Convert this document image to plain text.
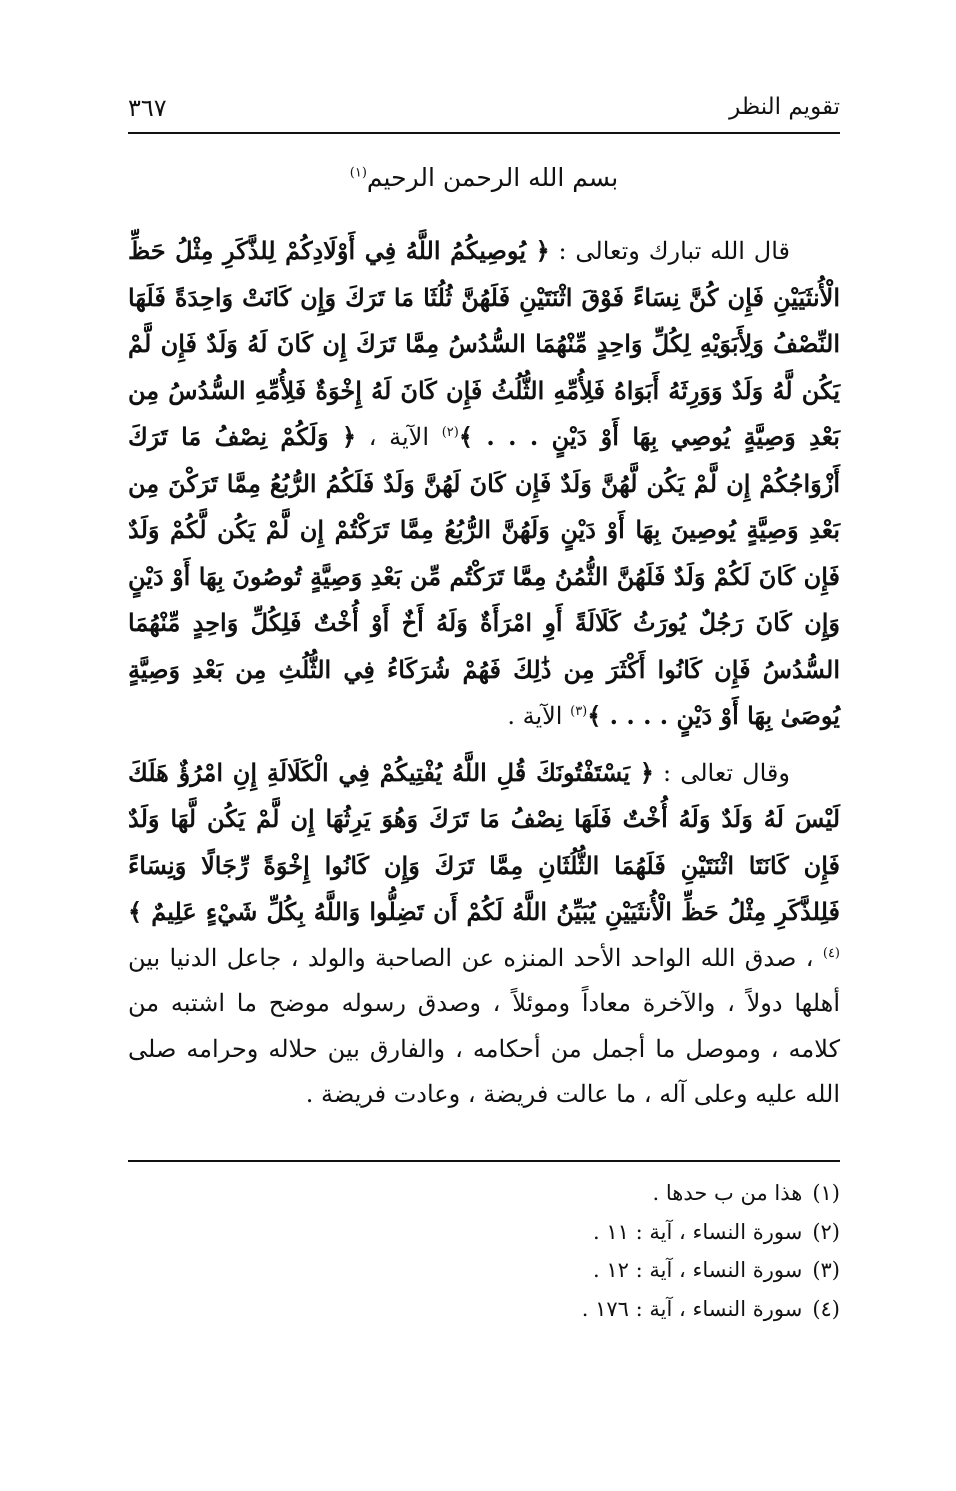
تقويم النظر
٣٦٧
بسم الله الرحمن الرحيم$^{(١)}$

قال الله تبارك وتعالى : ﴿ يُوصِيكُمُ اللَّهُ فِي أَوْلَادِكُمْ لِلذَّكَرِ مِثْلُ حَظِّ الْأُنثَيَيْنِ فَإِن كُنَّ نِسَاءً فَوْقَ اثْنَتَيْنِ فَلَهُنَّ ثُلُثَا مَا تَرَكَ وَإِن كَانَتْ وَاحِدَةً فَلَهَا النِّصْفُ وَلِأَبَوَيْهِ لِكُلِّ وَاحِدٍ مِّنْهُمَا السُّدُسُ مِمَّا تَرَكَ إِن كَانَ لَهُ وَلَدٌ فَإِن لَّمْ يَكُن لَّهُ وَلَدٌ وَوَرِثَهُ أَبَوَاهُ فَلِأُمِّهِ الثُّلُثُ فَإِن كَانَ لَهُ إِخْوَةٌ فَلِأُمِّهِ السُّدُسُ مِن بَعْدِ وَصِيَّةٍ يُوصِي بِهَا أَوْ دَيْنٍ . . . ﴾$^{(٢)}$ الآية ، ﴿ وَلَكُمْ نِصْفُ مَا تَرَكَ أَزْوَاجُكُمْ إِن لَّمْ يَكُن لَّهُنَّ وَلَدٌ فَإِن كَانَ لَهُنَّ وَلَدٌ فَلَكُمُ الرُّبُعُ مِمَّا تَرَكْنَ مِن بَعْدِ وَصِيَّةٍ يُوصِينَ بِهَا أَوْ دَيْنٍ وَلَهُنَّ الرُّبُعُ مِمَّا تَرَكْتُمْ إِن لَّمْ يَكُن لَّكُمْ وَلَدٌ فَإِن كَانَ لَكُمْ وَلَدٌ فَلَهُنَّ الثُّمُنُ مِمَّا تَرَكْتُم مِّن بَعْدِ وَصِيَّةٍ تُوصُونَ بِهَا أَوْ دَيْنٍ وَإِن كَانَ رَجُلٌ يُورَثُ كَلَالَةً أَوِ امْرَأَةٌ وَلَهُ أَخٌ أَوْ أُخْتٌ فَلِكُلِّ وَاحِدٍ مِّنْهُمَا السُّدُسُ فَإِن كَانُوا أَكْثَرَ مِن ذَٰلِكَ فَهُمْ شُرَكَاءُ فِي الثُّلُثِ مِن بَعْدِ وَصِيَّةٍ يُوصَىٰ بِهَا أَوْ دَيْنٍ . . . . ﴾$^{(٣)}$ الآية .

وقال تعالى : ﴿ يَسْتَفْتُونَكَ قُلِ اللَّهُ يُفْتِيكُمْ فِي الْكَلَالَةِ إِنِ امْرُؤٌ هَلَكَ لَيْسَ لَهُ وَلَدٌ وَلَهُ أُخْتٌ فَلَهَا نِصْفُ مَا تَرَكَ وَهُوَ يَرِثُهَا إِن لَّمْ يَكُن لَّهَا وَلَدٌ فَإِن كَانَتَا اثْنَتَيْنِ فَلَهُمَا الثُّلُثَانِ مِمَّا تَرَكَ وَإِن كَانُوا إِخْوَةً رِّجَالًا وَنِسَاءً فَلِلذَّكَرِ مِثْلُ حَظِّ الْأُنثَيَيْنِ يُبَيِّنُ اللَّهُ لَكُمْ أَن تَضِلُّوا وَاللَّهُ بِكُلِّ شَيْءٍ عَلِيمٌ ﴾$^{(٤)}$ ، صدق الله الواحد الأحد المنزه عن الصاحبة والولد ، جاعل الدنيا بين أهلها دولاً ، والآخرة معاداً وموئلاً ، وصدق رسوله موضح ما اشتبه من كلامه ، وموصل ما أجمل من أحكامه ، والفارق بين حلاله وحرامه صلى الله عليه وعلى آله ، ما عالت فريضة ، وعادت فريضة .

(١)هذا من ب حدها .
(٢)سورة النساء ، آية : ١١ .
(٣)سورة النساء ، آية : ١٢ .
(٤)سورة النساء ، آية : ١٧٦ .
